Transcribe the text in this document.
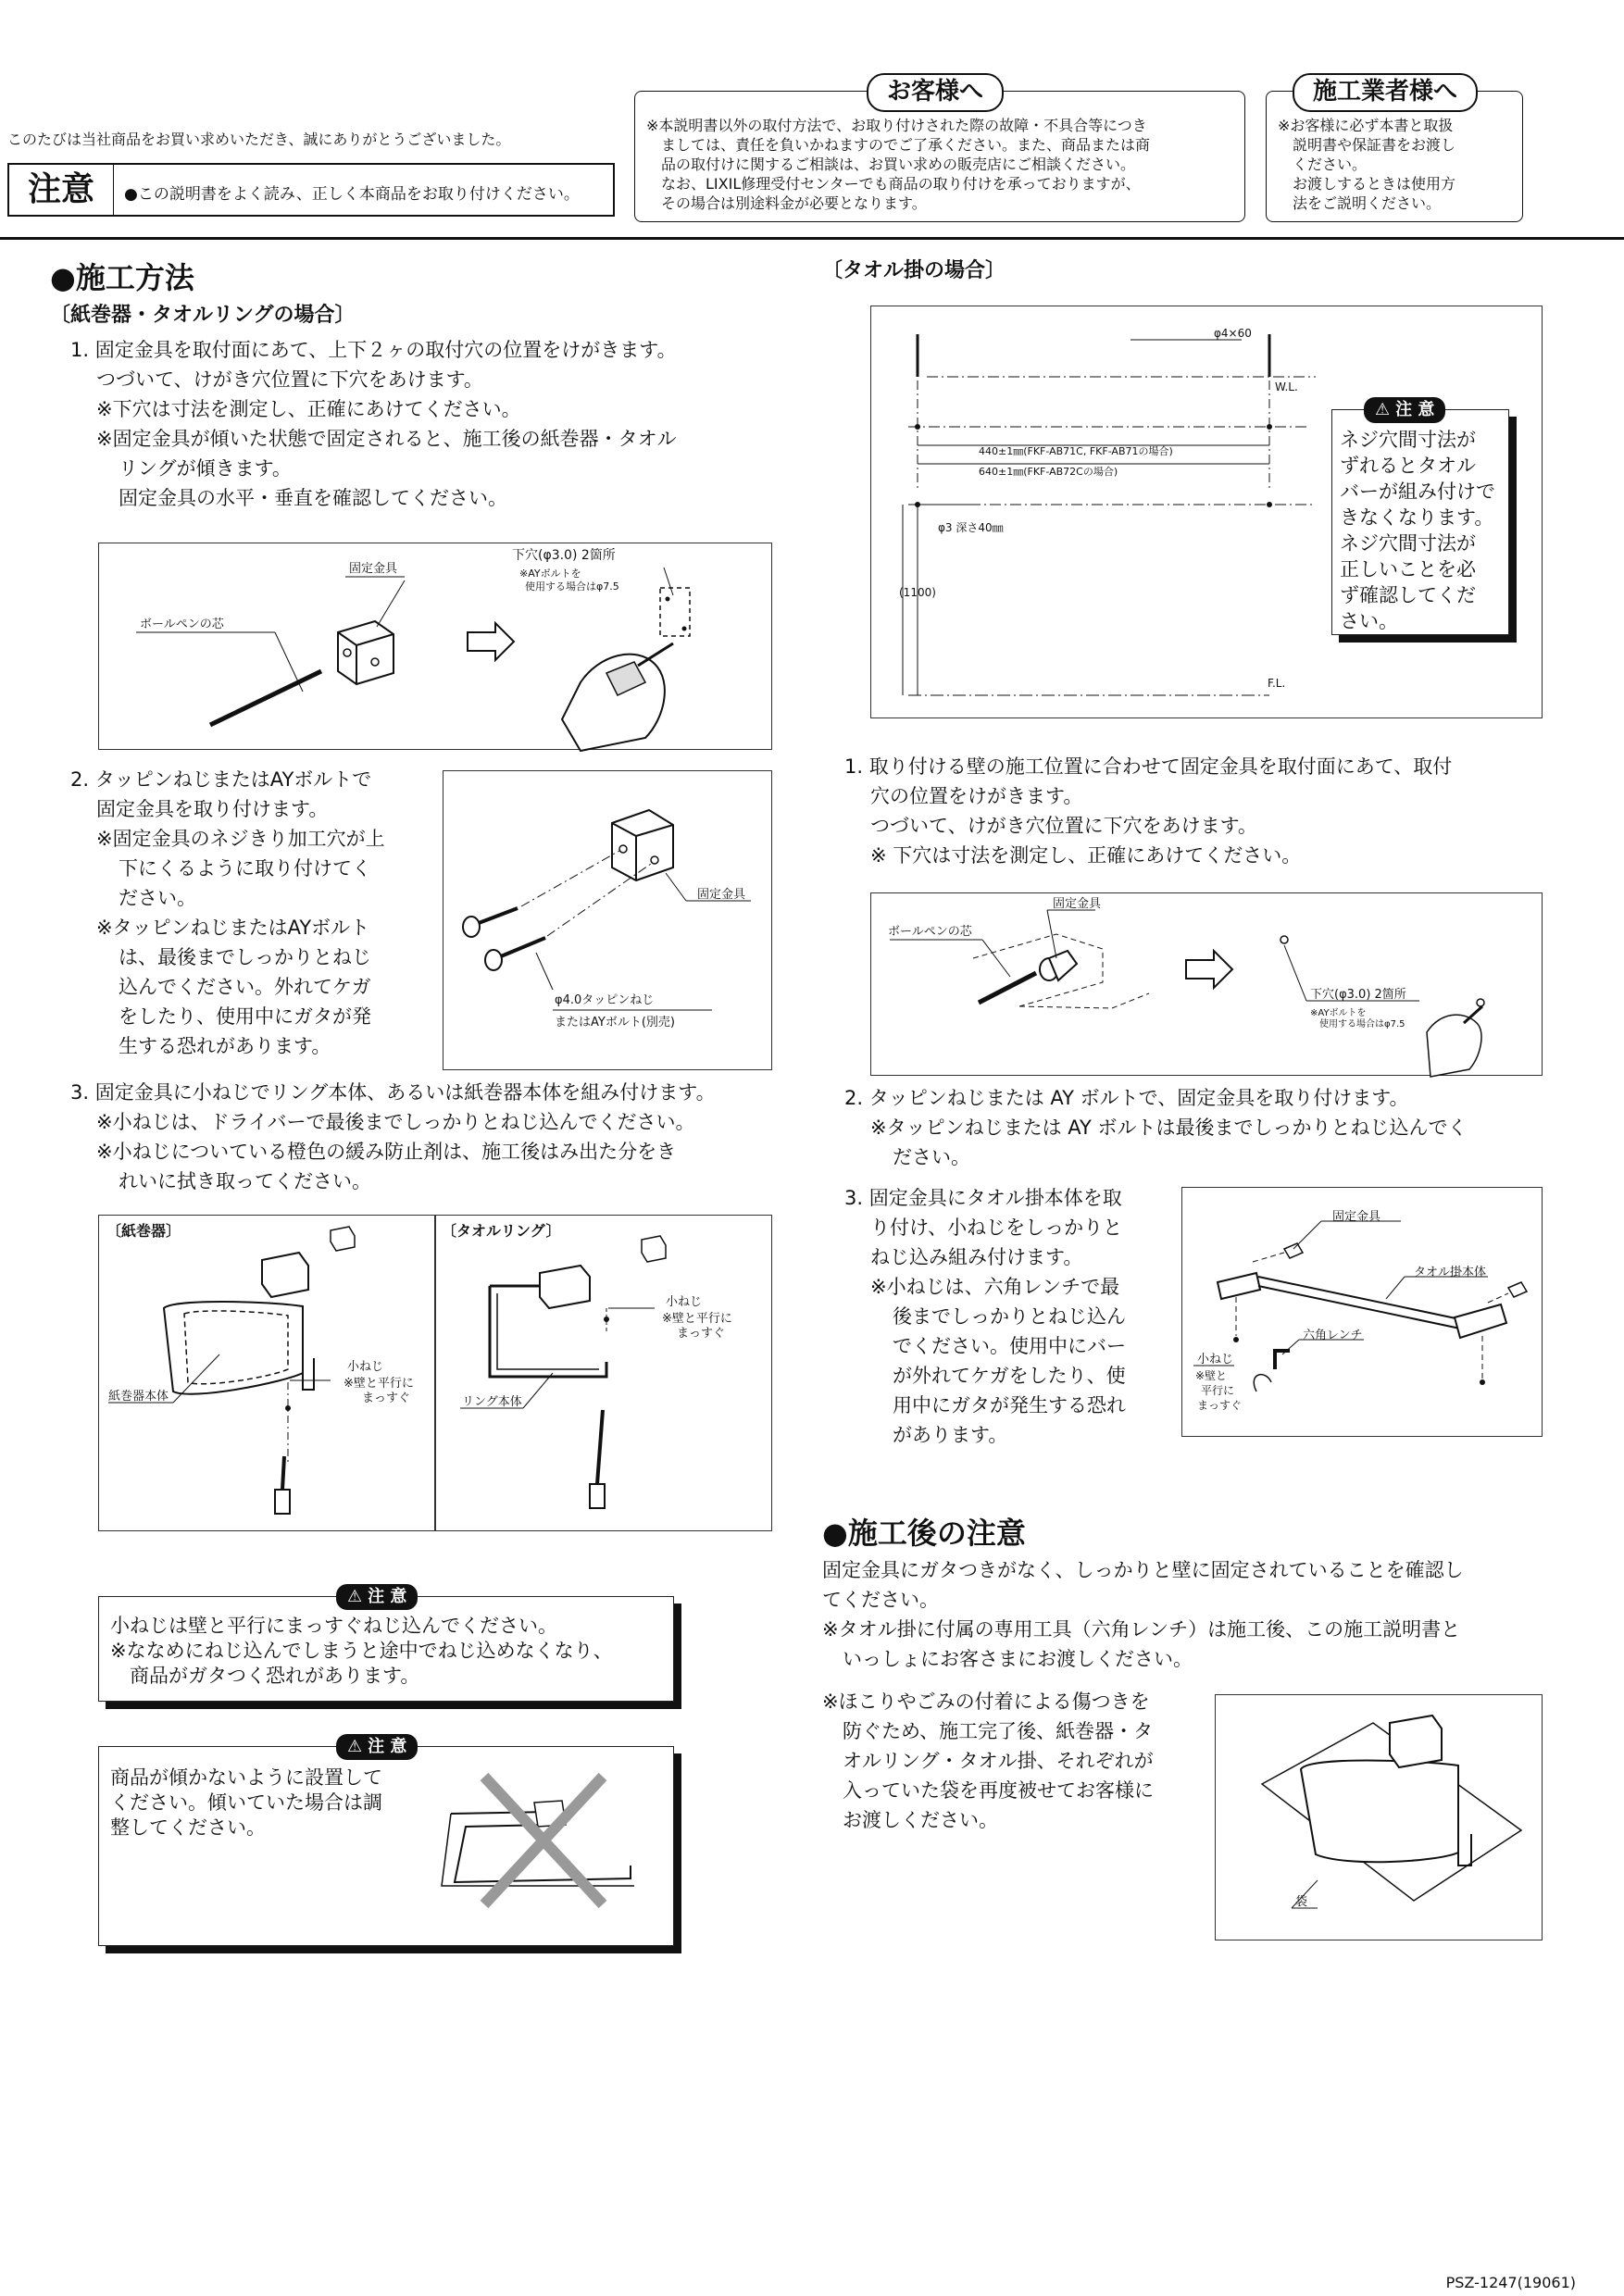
このたびは当社商品をお買い求めいただき、誠にありがとうございました。
注意	●この説明書をよく読み、正しく本商品をお取り付けください。
お客様へ
※本説明書以外の取付方法で、お取り付けされた際の故障・不具合等につき
ましては、責任を負いかねますのでご了承ください。また、商品または商
品の取付けに関するご相談は、お買い求めの販売店にご相談ください。
なお、LIXIL修理受付センターでも商品の取り付けを承っておりますが、
その場合は別途料金が必要となります。
施工業者様へ
※お客様に必ず本書と取扱
説明書や保証書をお渡し
ください。
お渡しするときは使用方
法をご説明ください。
●施工方法
〔紙巻器・タオルリングの場合〕
1. 固定金具を取付面にあて、上下２ヶの取付穴の位置をけがきます。
つづいて、けがき穴位置に下穴をあけます。
※下穴は寸法を測定し、正確にあけてください。
※固定金具が傾いた状態で固定されると、施工後の紙巻器・タオル
リングが傾きます。
固定金具の水平・垂直を確認してください。
固定金具
下穴(φ3.0) 2箇所
※AYボルトを
使用する場合はφ7.5
ボールペンの芯
2. タッピンねじまたはAYボルトで
固定金具を取り付けます。
※固定金具のネジきり加工穴が上
下にくるように取り付けてく
ださい。
※タッピンねじまたはAYボルト
は、最後までしっかりとねじ
込んでください。外れてケガ
をしたり、使用中にガタが発
生する恐れがあります。
固定金具
φ4.0タッピンねじ
またはAYボルト(別売)
3. 固定金具に小ねじでリング本体、あるいは紙巻器本体を組み付けます。
※小ねじは、ドライバーで最後までしっかりとねじ込んでください。
※小ねじについている橙色の緩み防止剤は、施工後はみ出た分をき
れいに拭き取ってください。
〔紙巻器〕
紙巻器本体
小ねじ
※壁と平行に
まっすぐ
〔タオルリング〕
リング本体
小ねじ
※壁と平行に
まっすぐ
⚠ 注 意
小ねじは壁と平行にまっすぐねじ込んでください。
※ななめにねじ込んでしまうと途中でねじ込めなくなり、
　商品がガタつく恐れがあります。
⚠ 注 意
商品が傾かないように設置して
ください。傾いていた場合は調
整してください。
〔タオル掛の場合〕
φ4×60
W.L.
440±1㎜(FKF-AB71C, FKF-AB71の場合)
640±1㎜(FKF-AB72Cの場合)
φ3 深さ40㎜
(1100)
F.L.
⚠ 注 意
ネジ穴間寸法が
ずれるとタオル
バーが組み付けで
きなくなります。
ネジ穴間寸法が
正しいことを必
ず確認してくだ
さい。
1. 取り付ける壁の施工位置に合わせて固定金具を取付面にあて、取付
穴の位置をけがきます。
つづいて、けがき穴位置に下穴をあけます。
※ 下穴は寸法を測定し、正確にあけてください。
ボールペンの芯
固定金具
下穴(φ3.0) 2箇所
※AYボルトを
使用する場合はφ7.5
2. タッピンねじまたは AY ボルトで、固定金具を取り付けます。
※タッピンねじまたは AY ボルトは最後までしっかりとねじ込んでく
ださい。
3. 固定金具にタオル掛本体を取
り付け、小ねじをしっかりと
ねじ込み組み付けます。
※小ねじは、六角レンチで最
後までしっかりとねじ込ん
でください。使用中にバー
が外れてケガをしたり、使
用中にガタが発生する恐れ
があります。
固定金具
タオル掛本体
六角レンチ
小ねじ
※壁と
平行に
まっすぐ
●施工後の注意
固定金具にガタつきがなく、しっかりと壁に固定されていることを確認し
てください。
※タオル掛に付属の専用工具（六角レンチ）は施工後、この施工説明書と
いっしょにお客さまにお渡しください。
※ほこりやごみの付着による傷つきを
防ぐため、施工完了後、紙巻器・タ
オルリング・タオル掛、それぞれが
入っていた袋を再度被せてお客様に
お渡しください。
袋
PSZ-1247(19061)
